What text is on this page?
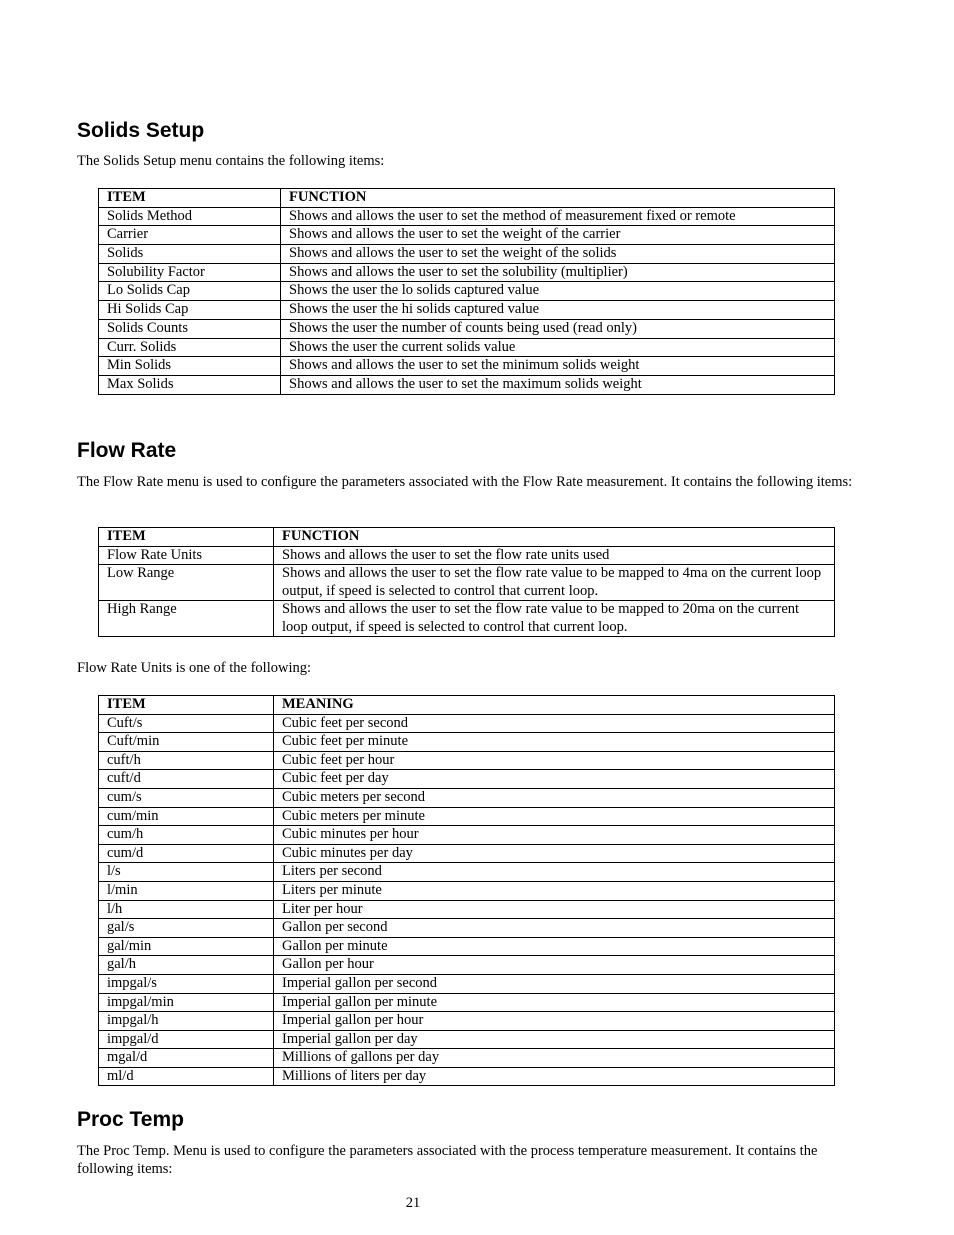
Solids Setup

The Solids Setup menu contains the following items:

ITEM	FUNCTION
Solids Method	Shows and allows the user to set the method of measurement fixed or remote
Carrier	Shows and allows the user to set the weight of the carrier
Solids	Shows and allows the user to set the weight of the solids
Solubility Factor	Shows and allows the user to set the solubility (multiplier)
Lo Solids Cap	Shows the user the lo solids captured value
Hi Solids Cap	Shows the user the hi solids captured value
Solids Counts	Shows the user the number of counts being used (read only)
Curr. Solids	Shows the user the current solids value
Min Solids	Shows and allows the user to set the minimum solids weight
Max Solids	Shows and allows the user to set the maximum solids weight
Flow Rate

The Flow Rate menu is used to configure the parameters associated with the Flow Rate measurement. It contains the following items:

ITEM	FUNCTION
Flow Rate Units	Shows and allows the user to set the flow rate units used
Low Range	Shows and allows the user to set the flow rate value to be mapped to 4ma on the current loop output, if speed is selected to control that current loop.
High Range	Shows and allows the user to set the flow rate value to be mapped to 20ma on the current loop output, if speed is selected to control that current loop.

Flow Rate Units is one of the following:

ITEM	MEANING
Cuft/s	Cubic feet per second
Cuft/min	Cubic feet per minute
cuft/h	Cubic feet per hour
cuft/d	Cubic feet per day
cum/s	Cubic meters per second
cum/min	Cubic meters per minute
cum/h	Cubic minutes per hour
cum/d	Cubic minutes per day
l/s	Liters per second
l/min	Liters per minute
l/h	Liter per hour
gal/s	Gallon per second
gal/min	Gallon per minute
gal/h	Gallon per hour
impgal/s	Imperial gallon per second
impgal/min	Imperial gallon per minute
impgal/h	Imperial gallon per hour
impgal/d	Imperial gallon per day
mgal/d	Millions of gallons per day
ml/d	Millions of liters per day
Proc Temp

The Proc Temp. Menu is used to configure the parameters associated with the process temperature measurement. It contains the following items:

21
